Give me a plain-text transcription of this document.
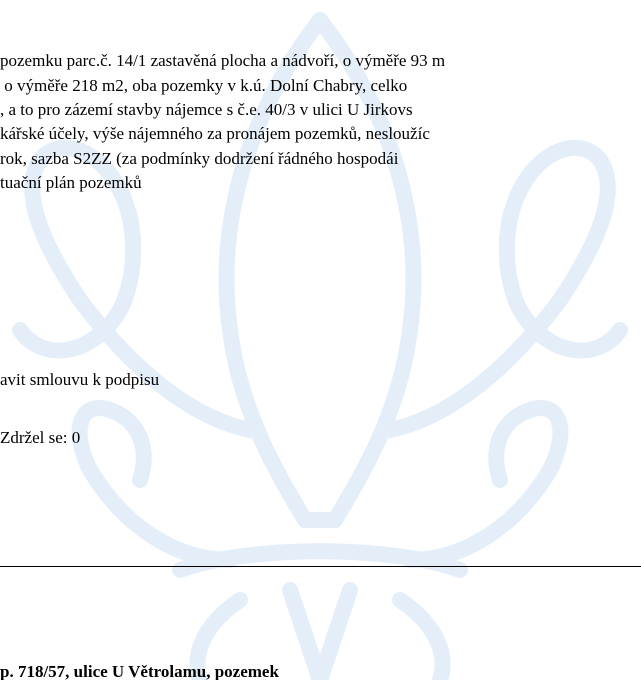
pozemku parc.č. 14/1 zastavěná plocha a nádvoří, o výměře 93 m
o výměře 218 m2, oba pozemky v k.ú. Dolní Chabry, celko
, a to pro zázemí stavby nájemce s č.e. 40/3 v ulici U Jirkovs
kářské účely, výše nájemného za pronájem pozemků, nesloužíc
rok, sazba S2ZZ (za podmínky dodržení řádného hospodái
tuační plán pozemků
avit smlouvu k podpisu
Zdržel se: 0
p. 718/57, ulice U Větrolamu, pozemek
